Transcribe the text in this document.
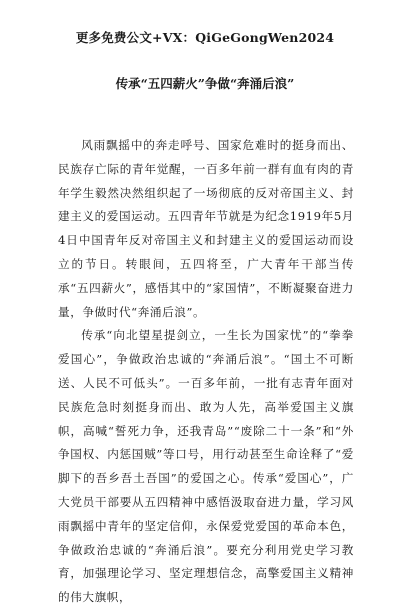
更多免费公文+VX：QiGeGongWen2024
传承“五四薪火”争做“奔涌后浪”

风雨飘摇中的奔走呼号、国家危难时的挺身而出、民族存亡际的青年觉醒，一百多年前一群有血有肉的青年学生毅然决然组织起了一场彻底的反对帝国主义、封建主义的爱国运动。五四青年节就是为纪念1919年5月4日中国青年反对帝国主义和封建主义的爱国运动而设立的节日。转眼间，五四将至，广大青年干部当传承“五四薪火”，感悟其中的“家国情”，不断凝聚奋进力量，争做时代“奔涌后浪”。

传承“向北望星提剑立，一生长为国家忧”的“拳拳爱国心”，争做政治忠诚的“奔涌后浪”。“国土不可断送、人民不可低头”。一百多年前，一批有志青年面对民族危急时刻挺身而出、敢为人先，高举爱国主义旗帜，高喊“誓死力争，还我青岛”“废除二十一条”和“外争国权、内惩国贼”等口号，用行动甚至生命诠释了“爱脚下的吾乡吾土吾国”的爱国之心。传承“爱国心”，广大党员干部要从五四精神中感悟汲取奋进力量，学习风雨飘摇中青年的坚定信仰，永保爱党爱国的革命本色，争做政治忠诚的“奔涌后浪”。要充分利用党史学习教育，加强理论学习、坚定理想信念，高擎爱国主义精神的伟大旗帜，
